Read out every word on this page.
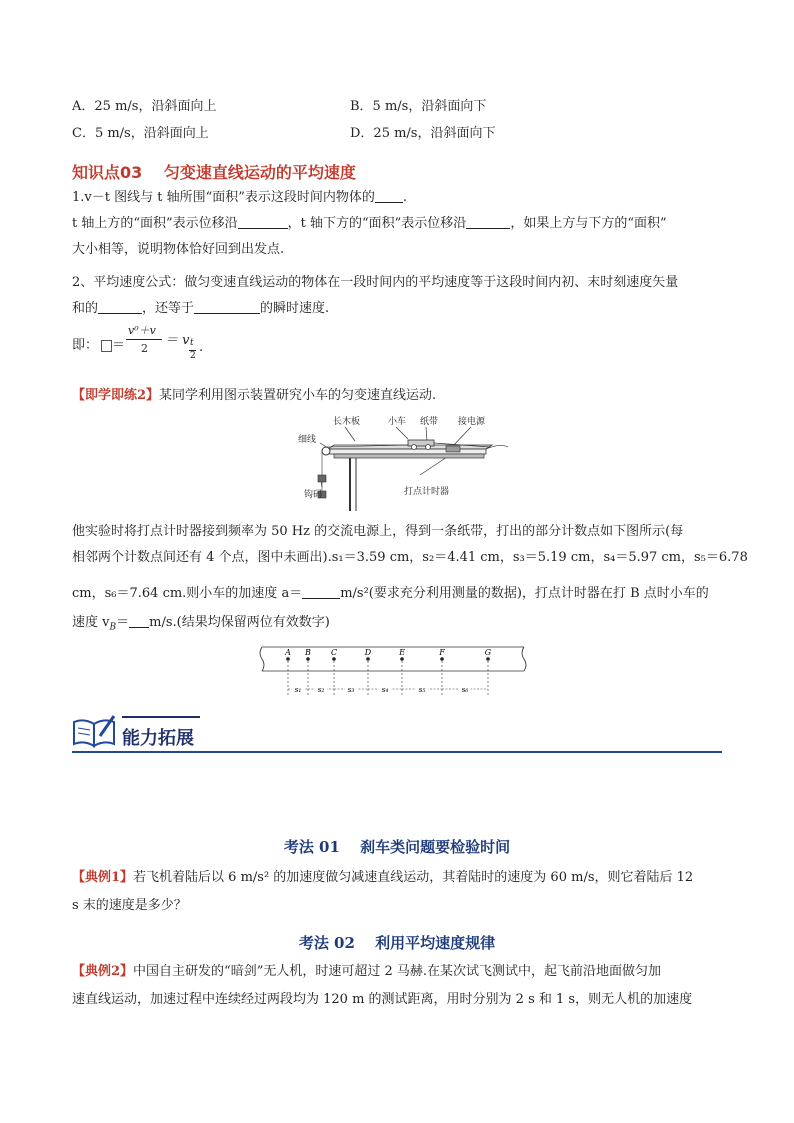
A．25 m/s，沿斜面向上	B．5 m/s，沿斜面向下
C．5 m/s，沿斜面向上	D．25 m/s，沿斜面向下
知识点03　 匀变速直线运动的平均速度
1.v－t 图线与 t 轴所围“面积”表示这段时间内物体的 .
t 轴上方的“面积”表示位移沿	，t 轴下方的“面积”表示位移沿	，如果上方与下方的“面积”
大小相等，说明物体恰好回到出发点.
2、平均速度公式：做匀变速直线运动的物体在一段时间内的平均速度等于这段时间内初、末时刻速度矢量
和的	，还等于	的瞬时速度.
即： ＝
v⁰＋v
2
＝ v t
2
.
【即学即练2】某同学利用图示装置研究小车的匀变速直线运动.
长木板	小车 纸带 接电源
细线
钩码	打点计时器
他实验时将打点计时器接到频率为 50 Hz 的交流电源上，得到一条纸带，打出的部分计数点如下图所示(每
相邻两个计数点间还有 4 个点，图中未画出).s₁＝3.59 cm，s₂＝4.41 cm，s₃＝5.19 cm，s₄＝5.97 cm，s₅＝6.78
cm，s₆＝7.64 cm.则小车的加速度 a＝	m/s²(要求充分利用测量的数据)，打点计时器在打 B 点时小车的
速度 $v_B= m/s$.(结果均保留两位有效数字)
A B C	D	E	F	G
s₁ s₂	s₃	s₄	s₅	s₆
能力拓展
考法 01　 刹车类问题要检验时间
【典例1】若飞机着陆后以 6 m/s² 的加速度做匀减速直线运动，其着陆时的速度为 60 m/s，则它着陆后 12
s 末的速度是多少？
考法 02　 利用平均速度规律
【典例2】中国自主研发的“暗剑”无人机，时速可超过 2 马赫.在某次试飞测试中，起飞前沿地面做匀加
速直线运动，加速过程中连续经过两段均为 120 m 的测试距离，用时分别为 2 s 和 1 s，则无人机的加速度
